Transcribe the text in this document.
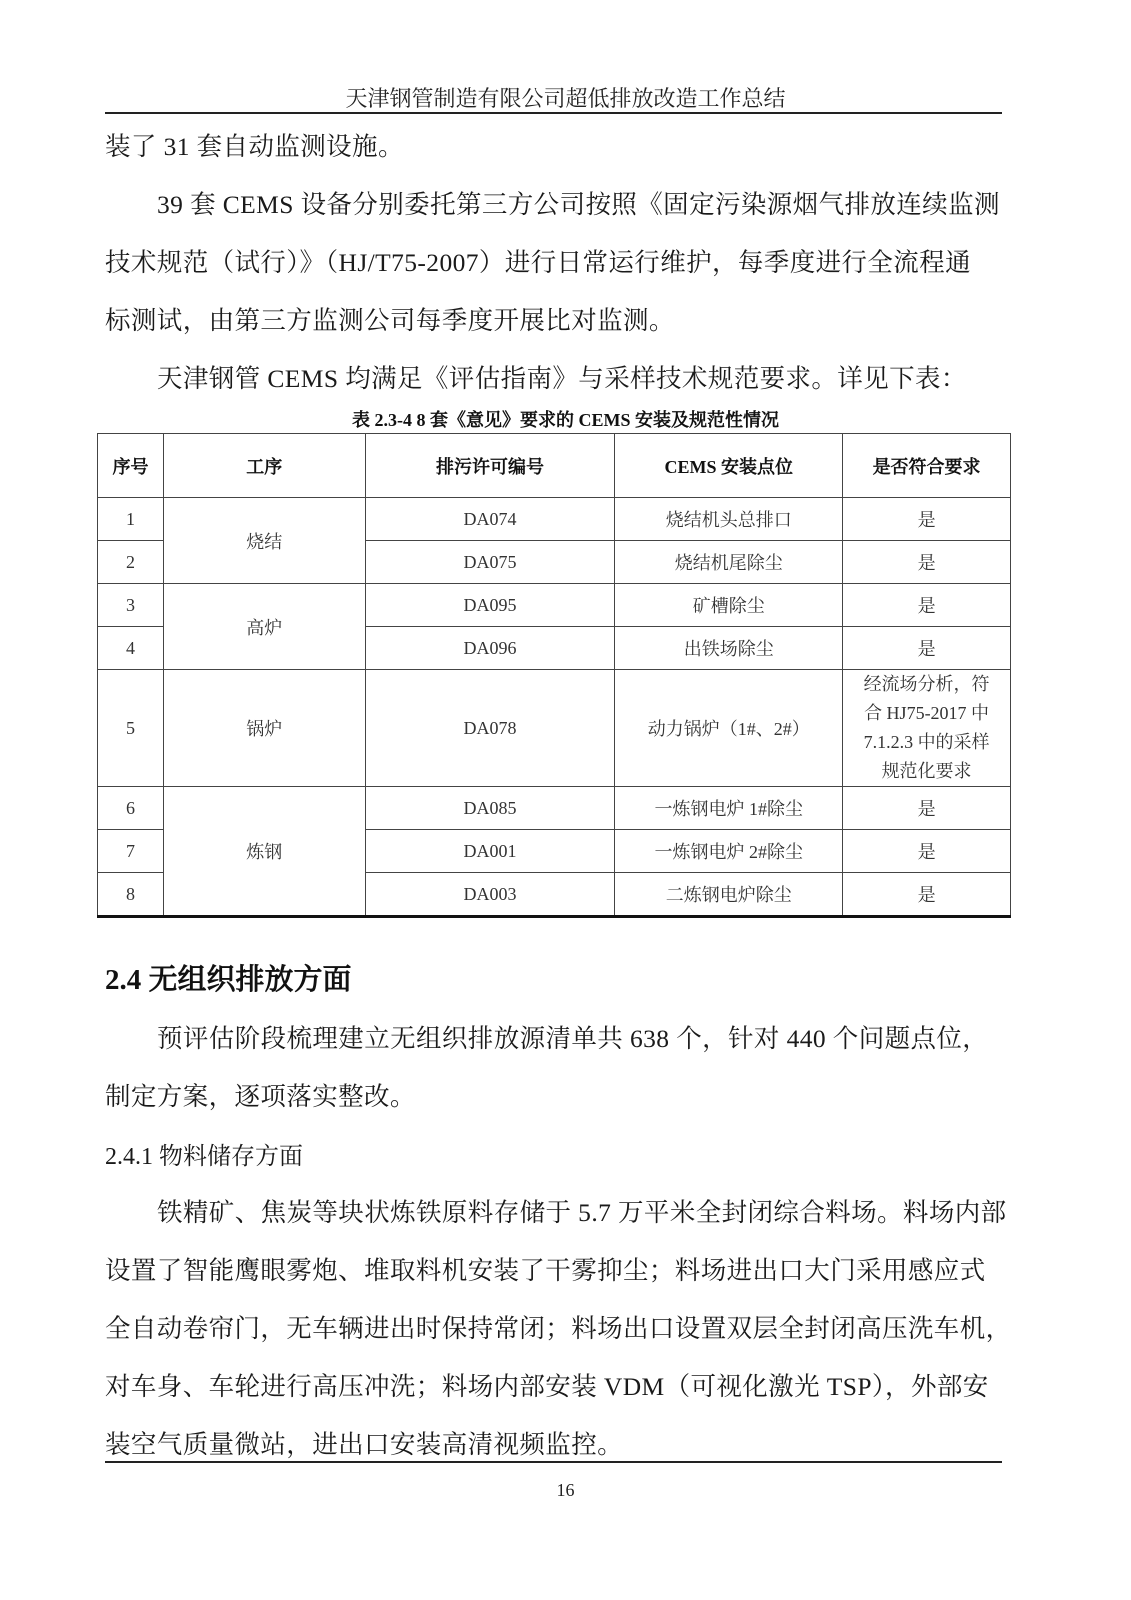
天津钢管制造有限公司超低排放改造工作总结
装了 31 套自动监测设施。
39 套 CEMS 设备分别委托第三方公司按照《固定污染源烟气排放连续监测
技术规范（试行）》（HJ/T75-2007）进行日常运行维护，每季度进行全流程通
标测试，由第三方监测公司每季度开展比对监测。
天津钢管 CEMS 均满足《评估指南》与采样技术规范要求。详见下表：
表 2.3-4 8 套《意见》要求的 CEMS 安装及规范性情况
序号	工序	排污许可编号	CEMS 安装点位	是否符合要求
1	烧结	DA074	烧结机头总排口	是
2		DA075	烧结机尾除尘	是
3	高炉	DA095	矿槽除尘	是
4		DA096	出铁场除尘	是
5	锅炉	DA078	动力锅炉（1#、2#）	经流场分析，符
合 HJ75-2017 中
7.1.2.3 中的采样
规范化要求

6	炼钢	DA085	一炼钢电炉 1#除尘	是
7		DA001	一炼钢电炉 2#除尘	是
8		DA003	二炼钢电炉除尘	是
2.4 无组织排放方面
预评估阶段梳理建立无组织排放源清单共 638 个，针对 440 个问题点位，
制定方案，逐项落实整改。
2.4.1 物料储存方面
铁精矿、焦炭等块状炼铁原料存储于 5.7 万平米全封闭综合料场。料场内部
设置了智能鹰眼雾炮、堆取料机安装了干雾抑尘；料场进出口大门采用感应式
全自动卷帘门，无车辆进出时保持常闭；料场出口设置双层全封闭高压洗车机，
对车身、车轮进行高压冲洗；料场内部安装 VDM（可视化激光 TSP），外部安
装空气质量微站，进出口安装高清视频监控。
16
